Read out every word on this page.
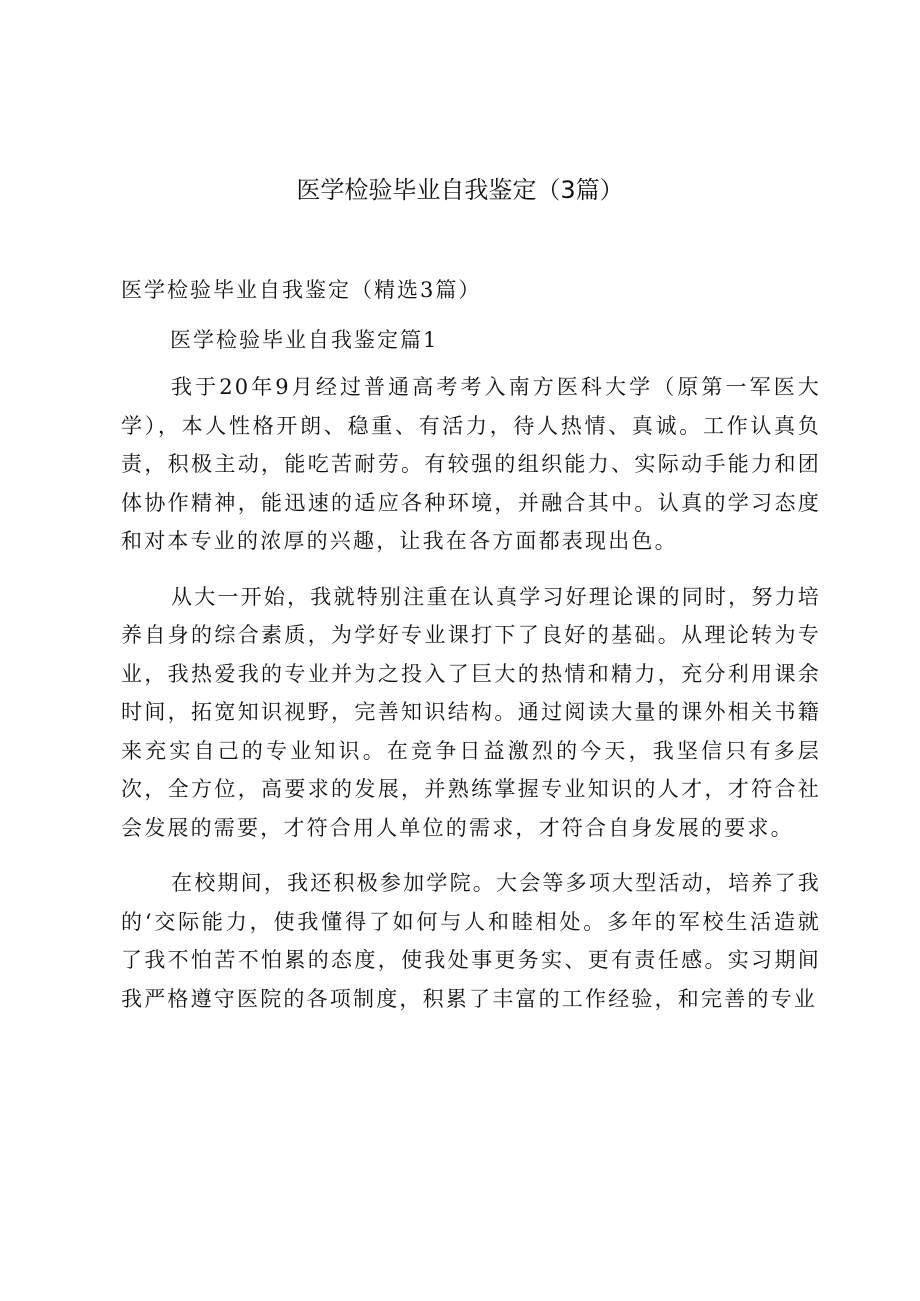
医学检验毕业自我鉴定（3篇）
医学检验毕业自我鉴定（精选3篇）
医学检验毕业自我鉴定篇1

我于20年9月经过普通高考考入南方医科大学（原第一军医大学），本人性格开朗、稳重、有活力，待人热情、真诚。工作认真负责，积极主动，能吃苦耐劳。有较强的组织能力、实际动手能力和团体协作精神，能迅速的适应各种环境，并融合其中。认真的学习态度和对本专业的浓厚的兴趣，让我在各方面都表现出色。

从大一开始，我就特别注重在认真学习好理论课的同时，努力培养自身的综合素质，为学好专业课打下了良好的基础。从理论转为专业，我热爱我的专业并为之投入了巨大的热情和精力，充分利用课余时间，拓宽知识视野，完善知识结构。通过阅读大量的课外相关书籍来充实自己的专业知识。在竞争日益激烈的今天，我坚信只有多层次，全方位，高要求的发展，并熟练掌握专业知识的人才，才符合社会发展的需要，才符合用人单位的需求，才符合自身发展的要求。

在校期间，我还积极参加学院。大会等多项大型活动，培养了我的‘交际能力，使我懂得了如何与人和睦相处。多年的军校生活造就了我不怕苦不怕累的态度，使我处事更务实、更有责任感。实习期间我严格遵守医院的各项制度，积累了丰富的工作经验，和完善的专业
